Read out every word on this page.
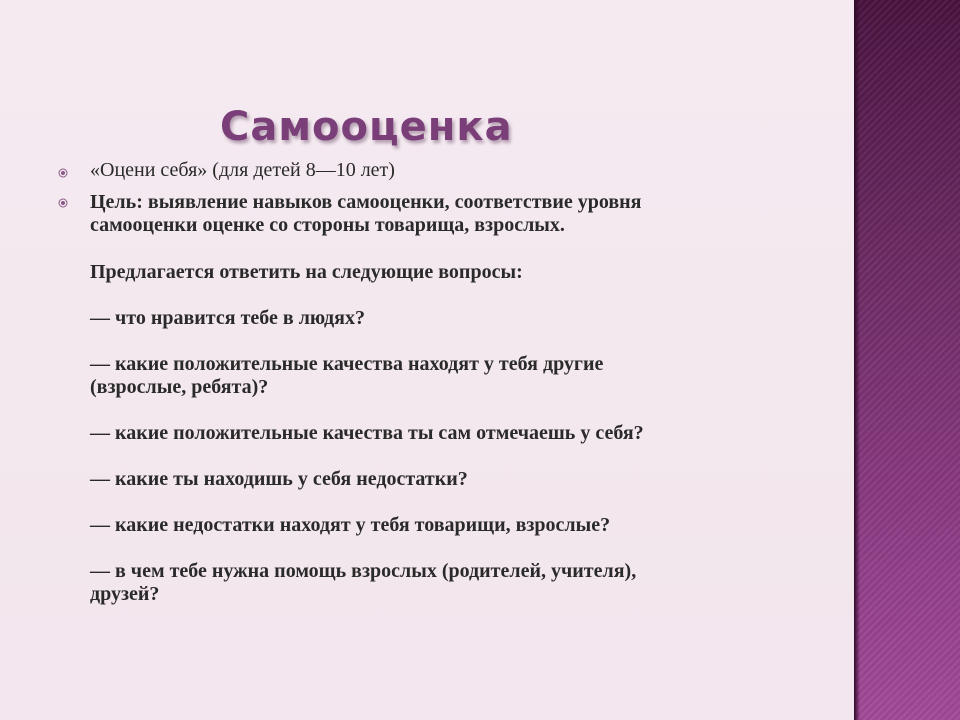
Самооценка

«Оцени себя» (для детей 8—10 лет)

Цель: выявление навыков самооценки, соответствие уровня

самооценки оценке со стороны товарища, взрослых.

Предлагается ответить на следующие вопросы:

— что нравится тебе в людях?

— какие положительные качества находят у тебя другие

(взрослые, ребята)?

— какие положительные качества ты сам отмечаешь у себя?

— какие ты находишь у себя недостатки?

— какие недостатки находят у тебя товарищи, взрослые?

— в чем тебе нужна помощь взрослых (родителей, учителя),

друзей?
